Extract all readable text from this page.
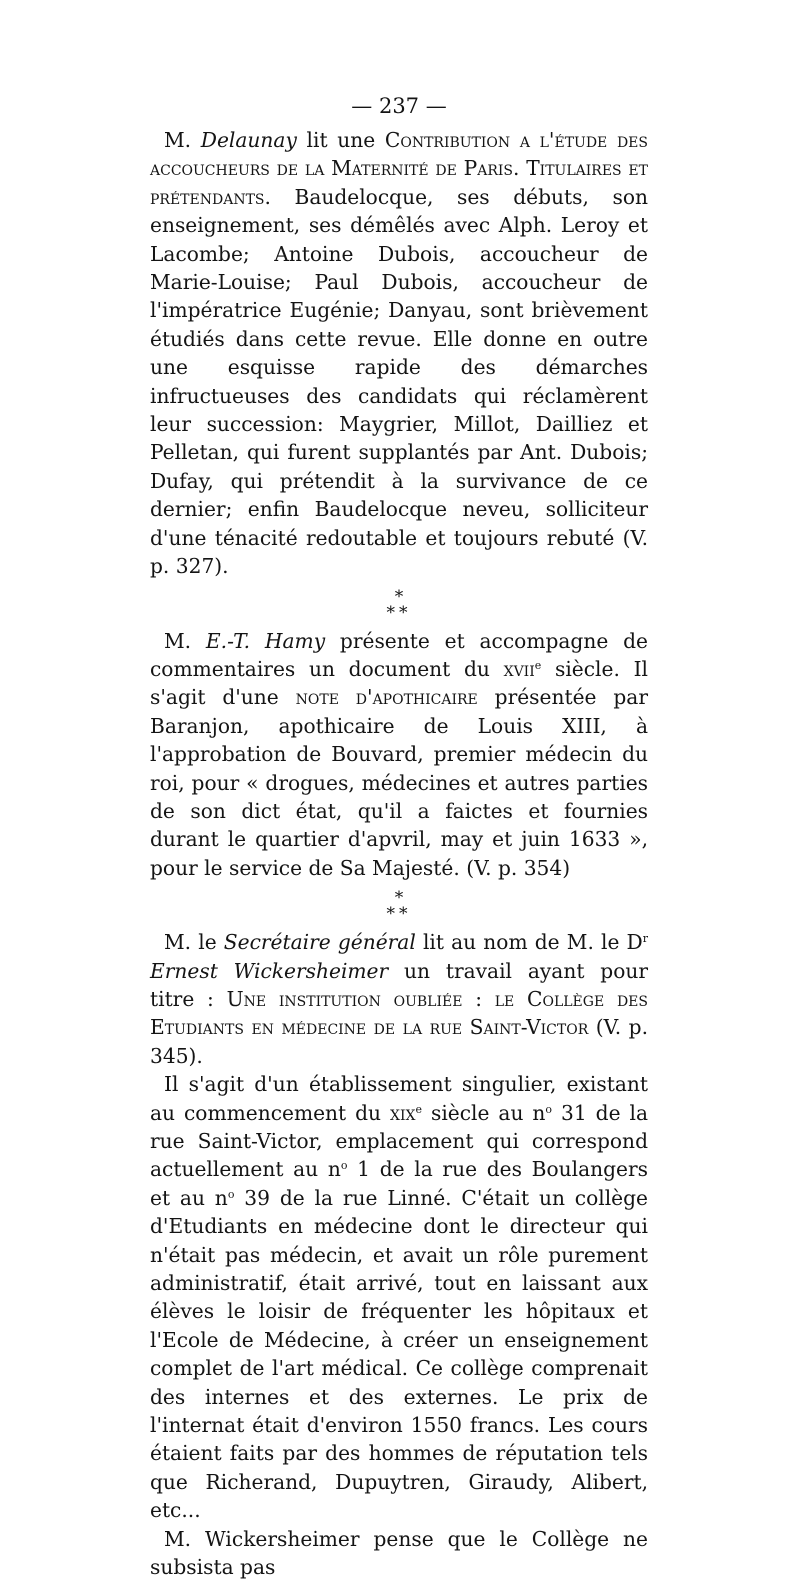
— 237 —

M. Delaunay lit une Contribution a l'étude des accoucheurs de la Maternité de Paris. Titulaires et prétendants. Baudelocque, ses débuts, son enseignement, ses démêlés avec Alph. Leroy et Lacombe; Antoine Dubois, accoucheur de Marie-Louise; Paul Dubois, accoucheur de l'impératrice Eugénie; Danyau, sont brièvement étudiés dans cette revue. Elle donne en outre une esquisse rapide des démarches infructueuses des candidats qui réclamèrent leur succession: Maygrier, Millot, Dailliez et Pelletan, qui furent supplantés par Ant. Dubois; Dufay, qui prétendit à la survivance de ce dernier; enfin Baudelocque neveu, solliciteur d'une ténacité redoutable et toujours rebuté (V. p. 327).

*
**

M. E.-T. Hamy présente et accompagne de commentaires un document du xvii$^e$ siècle. Il s'agit d'une note d'apothicaire présentée par Baranjon, apothicaire de Louis XIII, à l'approbation de Bouvard, premier médecin du roi, pour « drogues, médecines et autres parties de son dict état, qu'il a faictes et fournies durant le quartier d'apvril, may et juin 1633 », pour le service de Sa Majesté. (V. p. 354)

*
**

M. le Secrétaire général lit au nom de M. le $D^r$ Ernest Wickersheimer un travail ayant pour titre : Une institution oubliée : le Collège des Etudiants en médecine de la rue Saint-Victor (V. p. 345).

Il s'agit d'un établissement singulier, existant au commencement du xix$^e$ siècle au $n^o$ 31 de la rue Saint-Victor, emplacement qui correspond actuellement au $n^o$ 1 de la rue des Boulangers et au $n^o$ 39 de la rue Linné. C'était un collège d'Etudiants en médecine dont le directeur qui n'était pas médecin, et avait un rôle purement administratif, était arrivé, tout en laissant aux élèves le loisir de fréquenter les hôpitaux et l'Ecole de Médecine, à créer un enseignement complet de l'art médical. Ce collège comprenait des internes et des externes. Le prix de l'internat était d'environ 1550 francs. Les cours étaient faits par des hommes de réputation tels que Richerand, Dupuytren, Giraudy, Alibert, etc...

M. Wickersheimer pense que le Collège ne subsista pas
